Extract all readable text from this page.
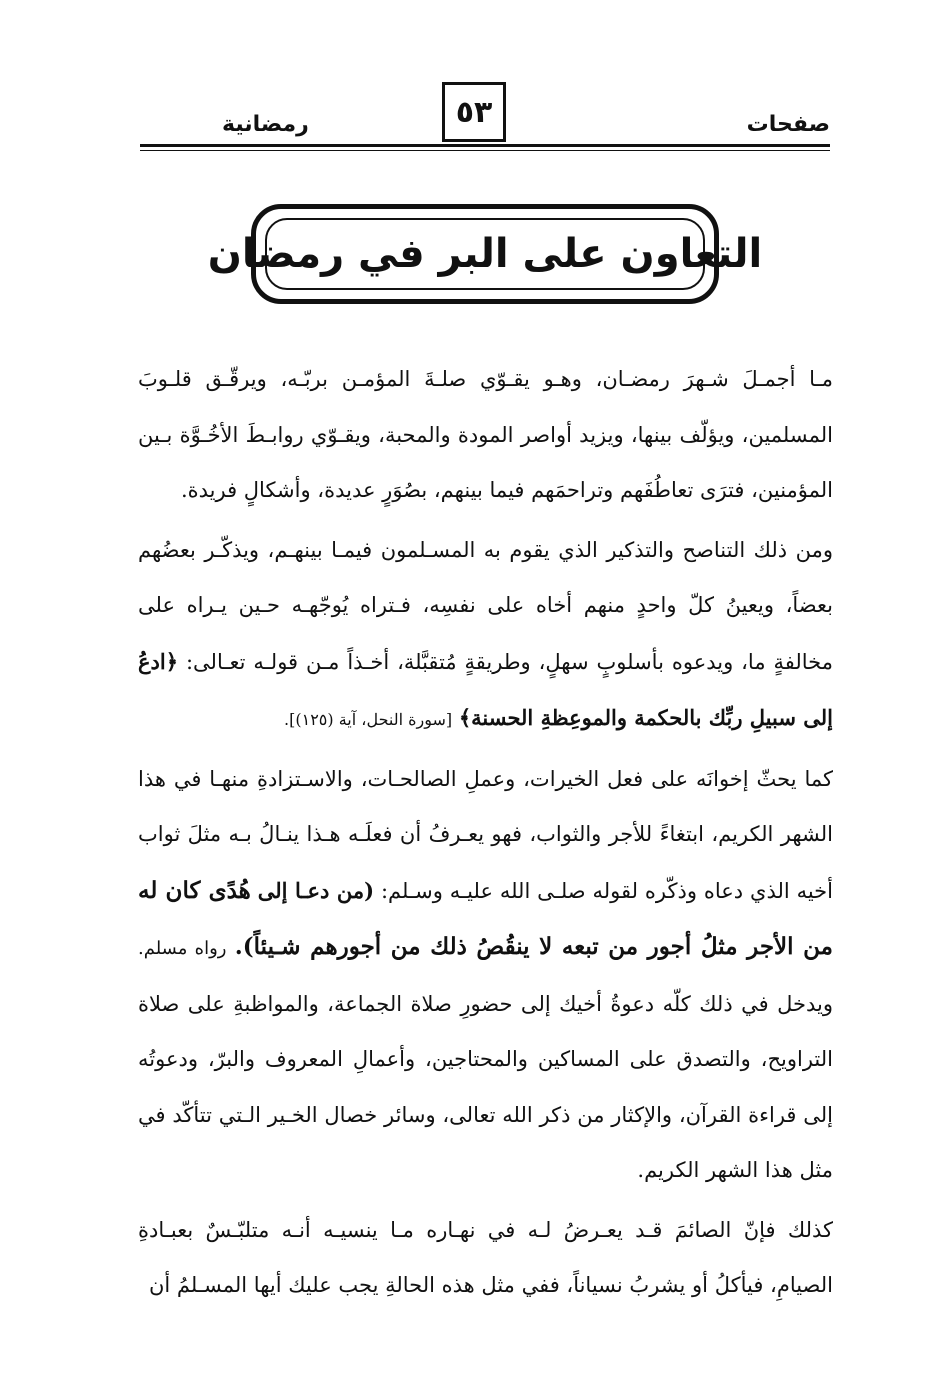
صفحات
٥٣
رمضانية
التعاون على البر في رمضان

مـا أجمـلَ شـهرَ رمضـان، وهـو يقـوّي صلـةَ المؤمـن بربّـه، ويرقّـق قلـوبَ المسلمين، ويؤلّف بينها، ويزيد أواصر المودة والمحبة، ويقـوّي روابـطَ الأخُـوَّة بـين المؤمنين، فترَى تعاطُفَهم وتراحمَهم فيما بينهم، بصُوَرٍ عديدة، وأشكالٍ فريدة.

ومن ذلك التناصح والتذكير الذي يقوم به المسـلمون فيمـا بينهـم، ويذكّـر بعضُهم بعضاً، ويعينُ كلّ واحدٍ منهم أخاه على نفسِه، فـتراه يُوجّهـه حـين يـراه على مخالفةٍ ما، ويدعوه بأسلوبٍ سهلٍ، وطريقةٍ مُتقبَّلة، أخـذاً مـن قولـه تعـالى: ﴿ادعُ إلى سبيلِ ربِّك بالحكمة والموعِظةِ الحسنة﴾ [سورة النحل، آية (١٢٥)].

كما يحثّ إخوانَه على فعل الخيرات، وعملِ الصالحـات، والاسـتزادةِ منهـا في هذا الشهر الكريم، ابتغاءً للأجر والثواب، فهو يعـرفُ أن فعلَـه هـذا ينـالُ بـه مثلَ ثواب أخيه الذي دعاه وذكّره لقوله صلـى الله عليـه وسـلم: (من دعـا إلى هُدًى كان له من الأجر مثلُ أجور من تبعه لا ينقُصُ ذلك من أجورهم شـيئاً). رواه مسلم. ويدخل في ذلك كلّه دعوةُ أخيك إلى حضورِ صلاة الجماعة، والمواظبةِ على صلاة التراويح، والتصدق على المساكين والمحتاجين، وأعمالِ المعروف والبرّ، ودعوتُه إلى قراءة القرآن، والإكثار من ذكر الله تعالى، وسائر خصال الخـير الـتي تتأكّد في مثل هذا الشهر الكريم.

كذلك فإنّ الصائمَ قـد يعـرضُ لـه في نهـاره مـا ينسيـه أنـه متلبّـسٌ بعبـادةِ الصيامِ، فيأكلُ أو يشربُ نسياناً، ففي مثل هذه الحالةِ يجب عليك أيها المسـلمُ أن
